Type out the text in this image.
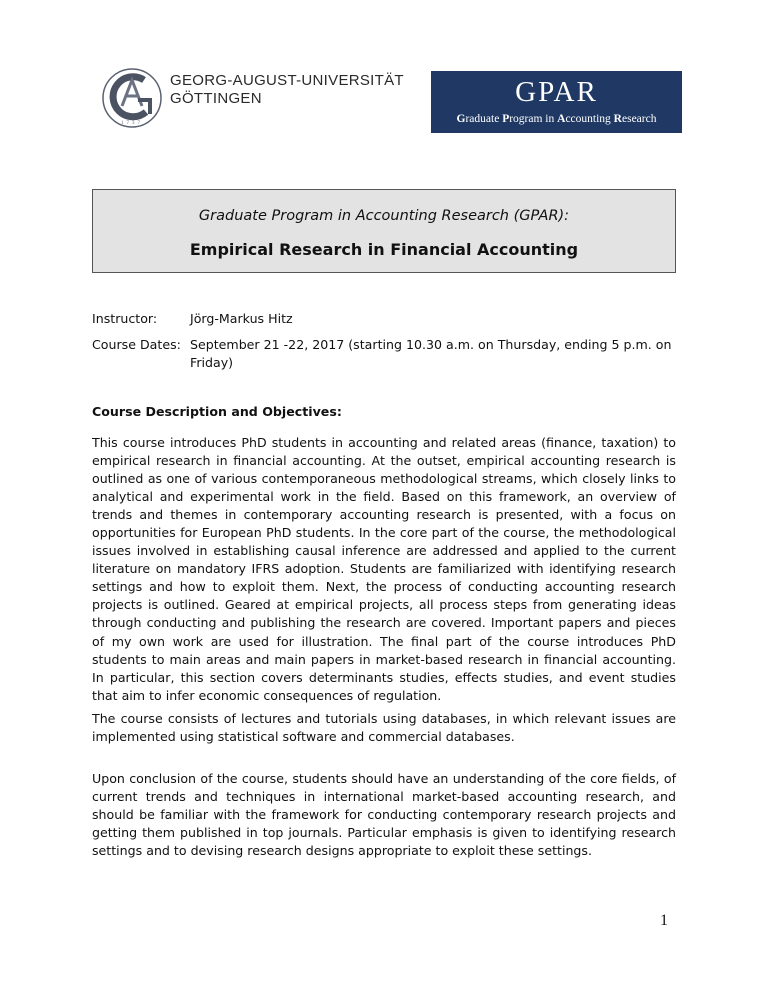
1737
GEORG-AUGUST-UNIVERSITÄT
GÖTTINGEN	GPAR
Graduate Program in Accounting Research
Graduate Program in Accounting Research (GPAR):
Empirical Research in Financial Accounting
Instructor:	Jörg-Markus Hitz
Course Dates: September 21 -22, 2017 (starting 10.30 a.m. on Thursday, ending 5 p.m. on Friday)
Course Description and Objectives:

This course introduces PhD students in accounting and related areas (finance, taxation) to empirical research in financial accounting. At the outset, empirical accounting research is outlined as one of various contemporaneous methodological streams, which closely links to analytical and experimental work in the field. Based on this framework, an overview of trends and themes in contemporary accounting research is presented, with a focus on opportunities for European PhD students. In the core part of the course, the methodological issues involved in establishing causal inference are addressed and applied to the current literature on mandatory IFRS adoption. Students are familiarized with identifying research settings and how to exploit them. Next, the process of conducting accounting research projects is outlined. Geared at empirical projects, all process steps from generating ideas through conducting and publishing the research are covered. Important papers and pieces of my own work are used for illustration. The final part of the course introduces PhD students to main areas and main papers in market-based research in financial accounting. In particular, this section covers determinants studies, effects studies, and event studies that aim to infer economic consequences of regulation.

The course consists of lectures and tutorials using databases, in which relevant issues are implemented using statistical software and commercial databases.

Upon conclusion of the course, students should have an understanding of the core fields, of current trends and techniques in international market-based accounting research, and should be familiar with the framework for conducting contemporary research projects and getting them published in top journals. Particular emphasis is given to identifying research settings and to devising research designs appropriate to exploit these settings.

1
